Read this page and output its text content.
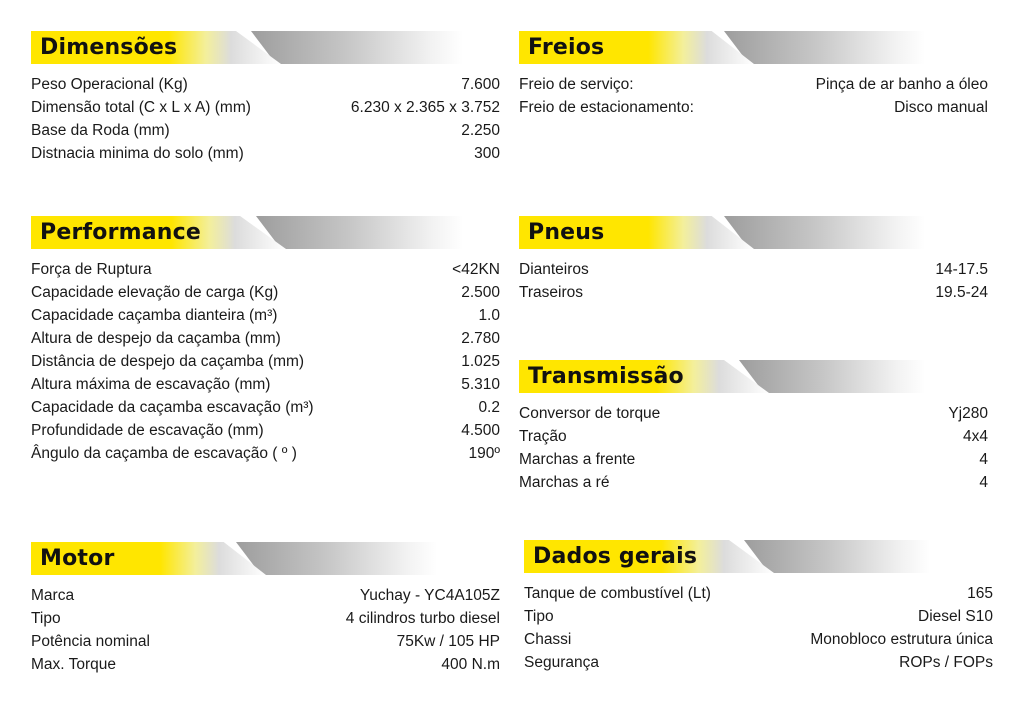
Dimensões
Peso Operacional (Kg)	7.600
Dimensão total (C x L x A) (mm)	6.230 x 2.365 x 3.752
Base da Roda (mm)	2.250
Distnacia minima do solo (mm)	300
Freios
Freio de serviço:	Pinça de ar banho a óleo
Freio de estacionamento:	Disco manual
Performance
Força de Ruptura	<42KN
Capacidade elevação de carga (Kg)	2.500
Capacidade caçamba dianteira (m³)	1.0
Altura de despejo da caçamba (mm)	2.780
Distância de despejo da caçamba (mm)	1.025
Altura máxima de escavação (mm)	5.310
Capacidade da caçamba escavação (m³)	0.2
Profundidade de escavação (mm)	4.500
Ângulo da caçamba de escavação ( º )	190º
Pneus
Dianteiros	14-17.5
Traseiros	19.5-24
Transmissão
Conversor de torque	Yj280
Tração	4x4
Marchas a frente	4
Marchas a ré	4
Motor
Marca	Yuchay - YC4A105Z
Tipo	4 cilindros turbo diesel
Potência nominal	75Kw / 105 HP
Max. Torque	400 N.m
Dados gerais
Tanque de combustível (Lt)	165
Tipo	Diesel S10
Chassi	Monobloco estrutura única
Segurança	ROPs / FOPs
